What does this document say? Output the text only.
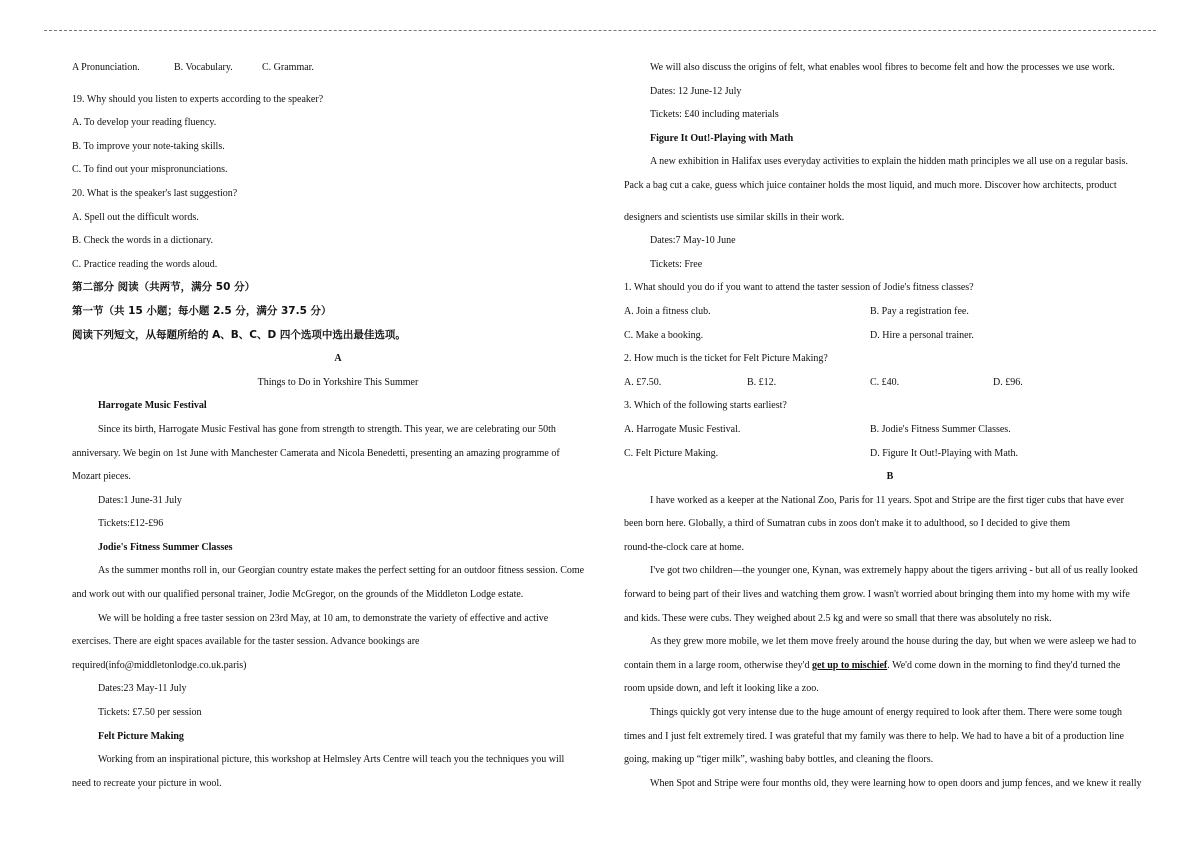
A Pronunciation.	B. Vocabulary.	C. Grammar.
19. Why should you listen to experts according to the speaker?
A. To develop your reading fluency.
B. To improve your note-taking skills.
C. To find out your mispronunciations.
20. What is the speaker's last suggestion?
A. Spell out the difficult words.
B. Check the words in a dictionary.
C. Practice reading the words aloud.
第二部分 阅读（共两节，满分 50 分）
第一节（共 15 小题；每小题 2.5 分，满分 37.5 分）
阅读下列短文，从每题所给的 A、B、C、D 四个选项中选出最佳选项。
A
Things to Do in Yorkshire This Summer
Harrogate Music Festival
Since its birth, Harrogate Music Festival has gone from strength to strength. This year, we are celebrating our 50th
anniversary. We begin on 1st June with Manchester Camerata and Nicola Benedetti, presenting an amazing programme of
Mozart pieces.
Dates:1 June-31 July
Tickets:£12-£96
Jodie's Fitness Summer Classes
As the summer months roll in, our Georgian country estate makes the perfect setting for an outdoor fitness session. Come
and work out with our qualified personal trainer, Jodie McGregor, on the grounds of the Middleton Lodge estate.
We will be holding a free taster session on 23rd May, at 10 am, to demonstrate the variety of effective and active
exercises. There are eight spaces available for the taster session. Advance bookings are
required(info@middletonlodge.co.uk.paris)
Dates:23 May-11 July
Tickets: £7.50 per session
Felt Picture Making
Working from an inspirational picture, this workshop at Helmsley Arts Centre will teach you the techniques you will
need to recreate your picture in wool.
We will also discuss the origins of felt, what enables wool fibres to become felt and how the processes we use work.
Dates: 12 June-12 July
Tickets: £40 including materials
Figure It Out!-Playing with Math
A new exhibition in Halifax uses everyday activities to explain the hidden math principles we all use on a regular basis.
Pack a bag cut a cake, guess which juice container holds the most liquid, and much more. Discover how architects, product
designers and scientists use similar skills in their work.
Dates:7 May-10 June
Tickets: Free
1. What should you do if you want to attend the taster session of Jodie's fitness classes?
A. Join a fitness club.	B. Pay a registration fee.
C. Make a booking.	D. Hire a personal trainer.
2. How much is the ticket for Felt Picture Making?
A. £7.50.	B. £12.	C. £40.	D. £96.
3. Which of the following starts earliest?
A. Harrogate Music Festival.	B. Jodie's Fitness Summer Classes.
C. Felt Picture Making.	D. Figure It Out!-Playing with Math.
B
I have worked as a keeper at the National Zoo, Paris for 11 years. Spot and Stripe are the first tiger cubs that have ever
been born here. Globally, a third of Sumatran cubs in zoos don't make it to adulthood, so I decided to give them
round-the-clock care at home.
I've got two children—the younger one, Kynan, was extremely happy about the tigers arriving - but all of us really looked
forward to being part of their lives and watching them grow. I wasn't worried about bringing them into my home with my wife
and kids. These were cubs. They weighed about 2.5 kg and were so small that there was absolutely no risk.
As they grew more mobile, we let them move freely around the house during the day, but when we were asleep we had to
contain them in a large room, otherwise they'd get up to mischief. We'd come down in the morning to find they'd turned the
room upside down, and left it looking like a zoo.
Things quickly got very intense due to the huge amount of energy required to look after them. There were some tough
times and I just felt extremely tired. I was grateful that my family was there to help. We had to have a bit of a production line
going, making up “tiger milk”, washing baby bottles, and cleaning the floors.
When Spot and Stripe were four months old, they were learning how to open doors and jump fences, and we knew it really
